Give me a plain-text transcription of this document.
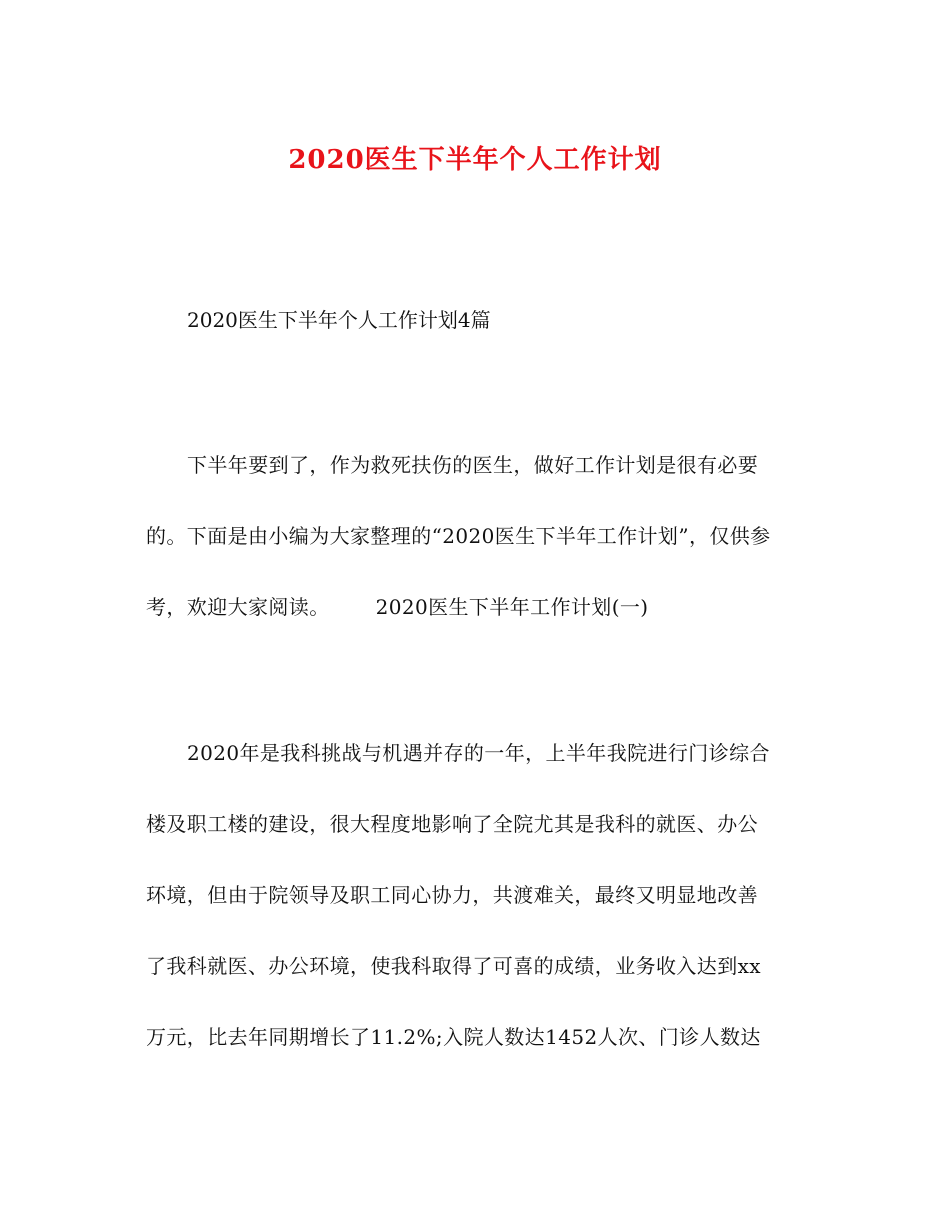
2020医生下半年个人工作计划
2020医生下半年个人工作计划4篇
下半年要到了，作为救死扶伤的医生，做好工作计划是很有必要
的。下面是由小编为大家整理的“2020医生下半年工作计划”，仅供参
考，欢迎大家阅读。 2020医生下半年工作计划(一)
2020年是我科挑战与机遇并存的一年，上半年我院进行门诊综合
楼及职工楼的建设，很大程度地影响了全院尤其是我科的就医、办公
环境，但由于院领导及职工同心协力，共渡难关，最终又明显地改善
了我科就医、办公环境，使我科取得了可喜的成绩，业务收入达到xx
万元，比去年同期增长了11.2%;入院人数达1452人次、门诊人数达
